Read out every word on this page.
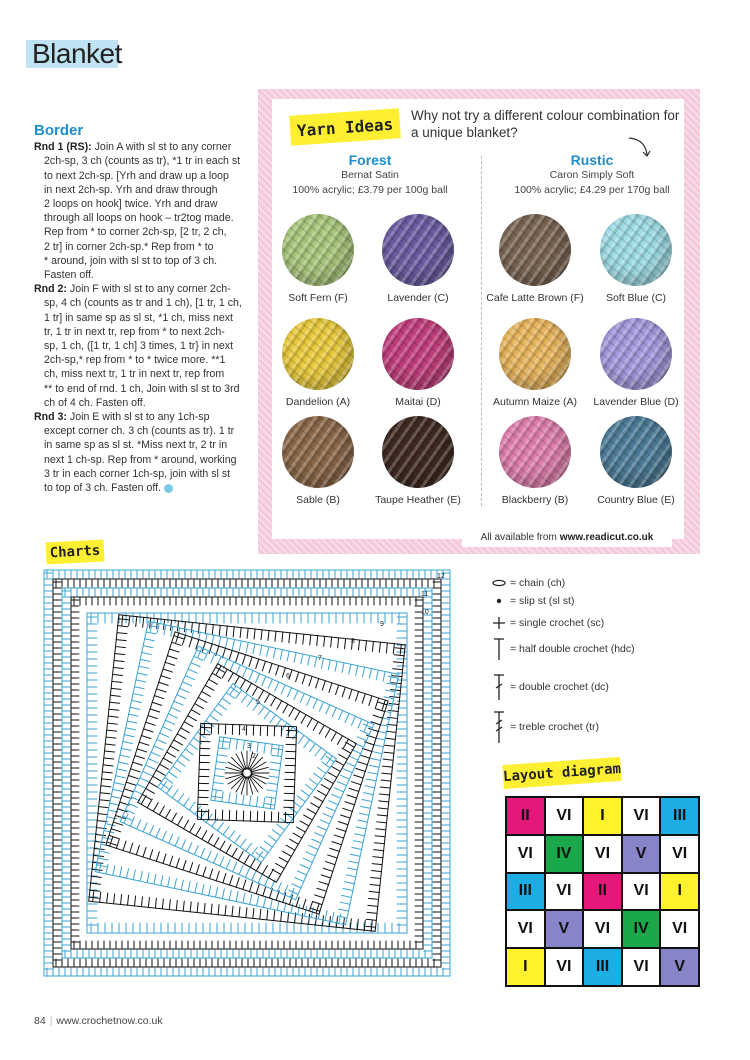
Blanket
Border

Rnd 1 (RS): Join A with sl st to any corner

2ch-sp, 3 ch (counts as tr), *1 tr in each st

to next 2ch-sp. [Yrh and draw up a loop

in next 2ch-sp. Yrh and draw through

2 loops on hook] twice. Yrh and draw

through all loops on hook – tr2tog made.

Rep from * to corner 2ch-sp, [2 tr, 2 ch,

2 tr] in corner 2ch-sp.* Rep from * to

* around, join with sl st to top of 3 ch.

Fasten off.

Rnd 2: Join F with sl st to any corner 2ch-

sp, 4 ch (counts as tr and 1 ch), [1 tr, 1 ch,

1 tr] in same sp as sl st, *1 ch, miss next

tr, 1 tr in next tr, rep from * to next 2ch-

sp, 1 ch, ([1 tr, 1 ch] 3 times, 1 tr} in next

2ch-sp,* rep from * to * twice more. **1

ch, miss next tr, 1 tr in next tr, rep from

** to end of rnd. 1 ch, Join with sl st to 3rd

ch of 4 ch. Fasten off.

Rnd 3: Join E with sl st to any 1ch-sp

except corner ch. 3 ch (counts as tr). 1 tr

in same sp as sl st. *Miss next tr, 2 tr in

next 1 ch-sp. Rep from * around, working

3 tr in each corner 1ch-sp, join with sl st

to top of 3 ch. Fasten off.

Yarn Ideas	Why not try a different colour combination for a unique blanket?
Forest
Bernat Satin
100% acrylic; £3.79 per 100g ball
Rustic
Caron Simply Soft
100% acrylic; £4.29 per 170g ball
Soft Fern (F)	Lavender (C)	Cafe Latte Brown (F)	Soft Blue (C)
Dandelion (A)	Maitai (D)	Autumn Maize (A)	Lavender Blue (D)
Sable (B)	Taupe Heather (E)	Blackberry (B)	Country Blue (E)
All available from www.readicut.co.uk
Charts
2
3
4
5
6
7
8
9
10
11
12
= chain (ch)
= slip st (sl st)
= single crochet (sc)
= half double crochet (hdc)
= double crochet (dc)
= treble crochet (tr)
Layout diagram
II	VI	I	VI	III
VI	IV	VI	V	VI
III	VI	II	VI	I
VI	V	VI	IV	VI
I	VI	III	VI	V
84 | www.crochetnow.co.uk
